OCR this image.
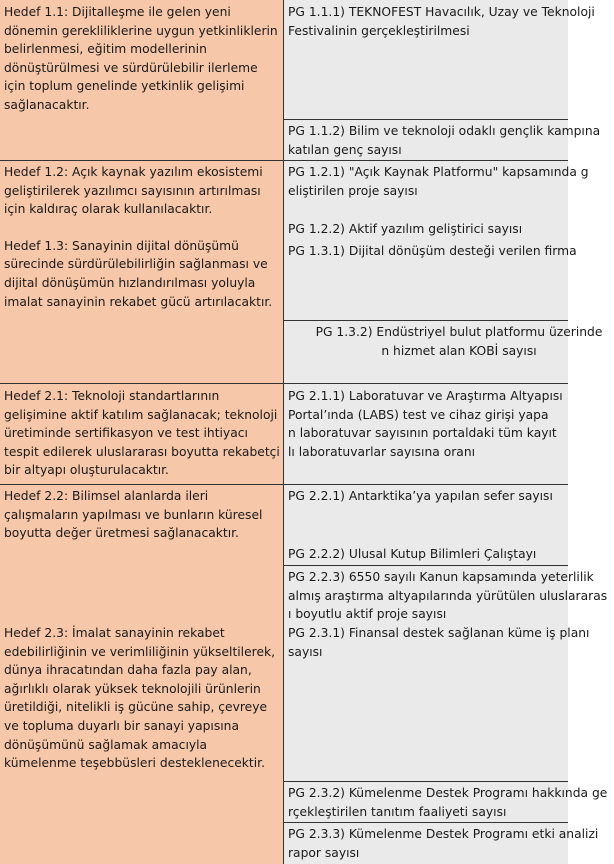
Hedef 1.1: Dijitalleşme ile gelen yeni dönemin gerekliliklerine uygun yetkinliklerin belirlenmesi, eğitim modellerinin dönüştürülmesi ve sürdürülebilir ilerleme için toplum genelinde yetkinlik gelişimi sağlanacaktır.
Hedef 1.2: Açık kaynak yazılım ekosistemi geliştirilerek yazılımcı sayısının artırılması için kaldıraç olarak kullanılacaktır.
Hedef 1.3: Sanayinin dijital dönüşümü sürecinde sürdürülebilirliğin sağlanması ve dijital dönüşümün hızlandırılması yoluyla imalat sanayinin rekabet gücü artırılacaktır.
Hedef 2.1: Teknoloji standartlarının gelişimine aktif katılım sağlanacak; teknoloji üretiminde sertifikasyon ve test ihtiyacı tespit edilerek uluslararası boyutta rekabetçi bir altyapı oluşturulacaktır.
Hedef 2.2: Bilimsel alanlarda ileri çalışmaların yapılması ve bunların küresel boyutta değer üretmesi sağlanacaktır.
Hedef 2.3: İmalat sanayinin rekabet edebilirliğinin ve verimliliğinin yükseltilerek, dünya ihracatından daha fazla pay alan, ağırlıklı olarak yüksek teknolojili ürünlerin üretildiği, nitelikli iş gücüne sahip, çevreye ve topluma duyarlı bir sanayi yapısına dönüşümünü sağlamak amacıyla kümelenme teşebbüsleri desteklenecektir.
PG 1.1.1) TEKNOFEST Havacılık, Uzay ve Teknoloji
Festivalinin gerçekleştirilmesi
PG 1.1.2) Bilim ve teknoloji odaklı gençlik kampına
katılan genç sayısı
PG 1.2.1) "Açık Kaynak Platformu" kapsamında g
eliştirilen proje sayısı
PG 1.2.2) Aktif yazılım geliştirici sayısı
PG 1.3.1) Dijital dönüşüm desteği verilen firma
PG 1.3.2) Endüstriyel bulut platformu üzerinde
n hizmet alan KOBİ sayısı
PG 2.1.1) Laboratuvar ve Araştırma Altyapısı
Portal’ında (LABS) test ve cihaz girişi yapa
n laboratuvar sayısının portaldaki tüm kayıt
lı laboratuvarlar sayısına oranı
PG 2.2.1) Antarktika’ya yapılan sefer sayısı
PG 2.2.2) Ulusal Kutup Bilimleri Çalıştayı
PG 2.2.3) 6550 sayılı Kanun kapsamında yeterlilik
almış araştırma altyapılarında yürütülen uluslararas
ı boyutlu aktif proje sayısı
PG 2.3.1) Finansal destek sağlanan küme iş planı
sayısı
PG 2.3.2) Kümelenme Destek Programı hakkında ge
rçekleştirilen tanıtım faaliyeti sayısı
PG 2.3.3) Kümelenme Destek Programı etki analizi
rapor sayısı
